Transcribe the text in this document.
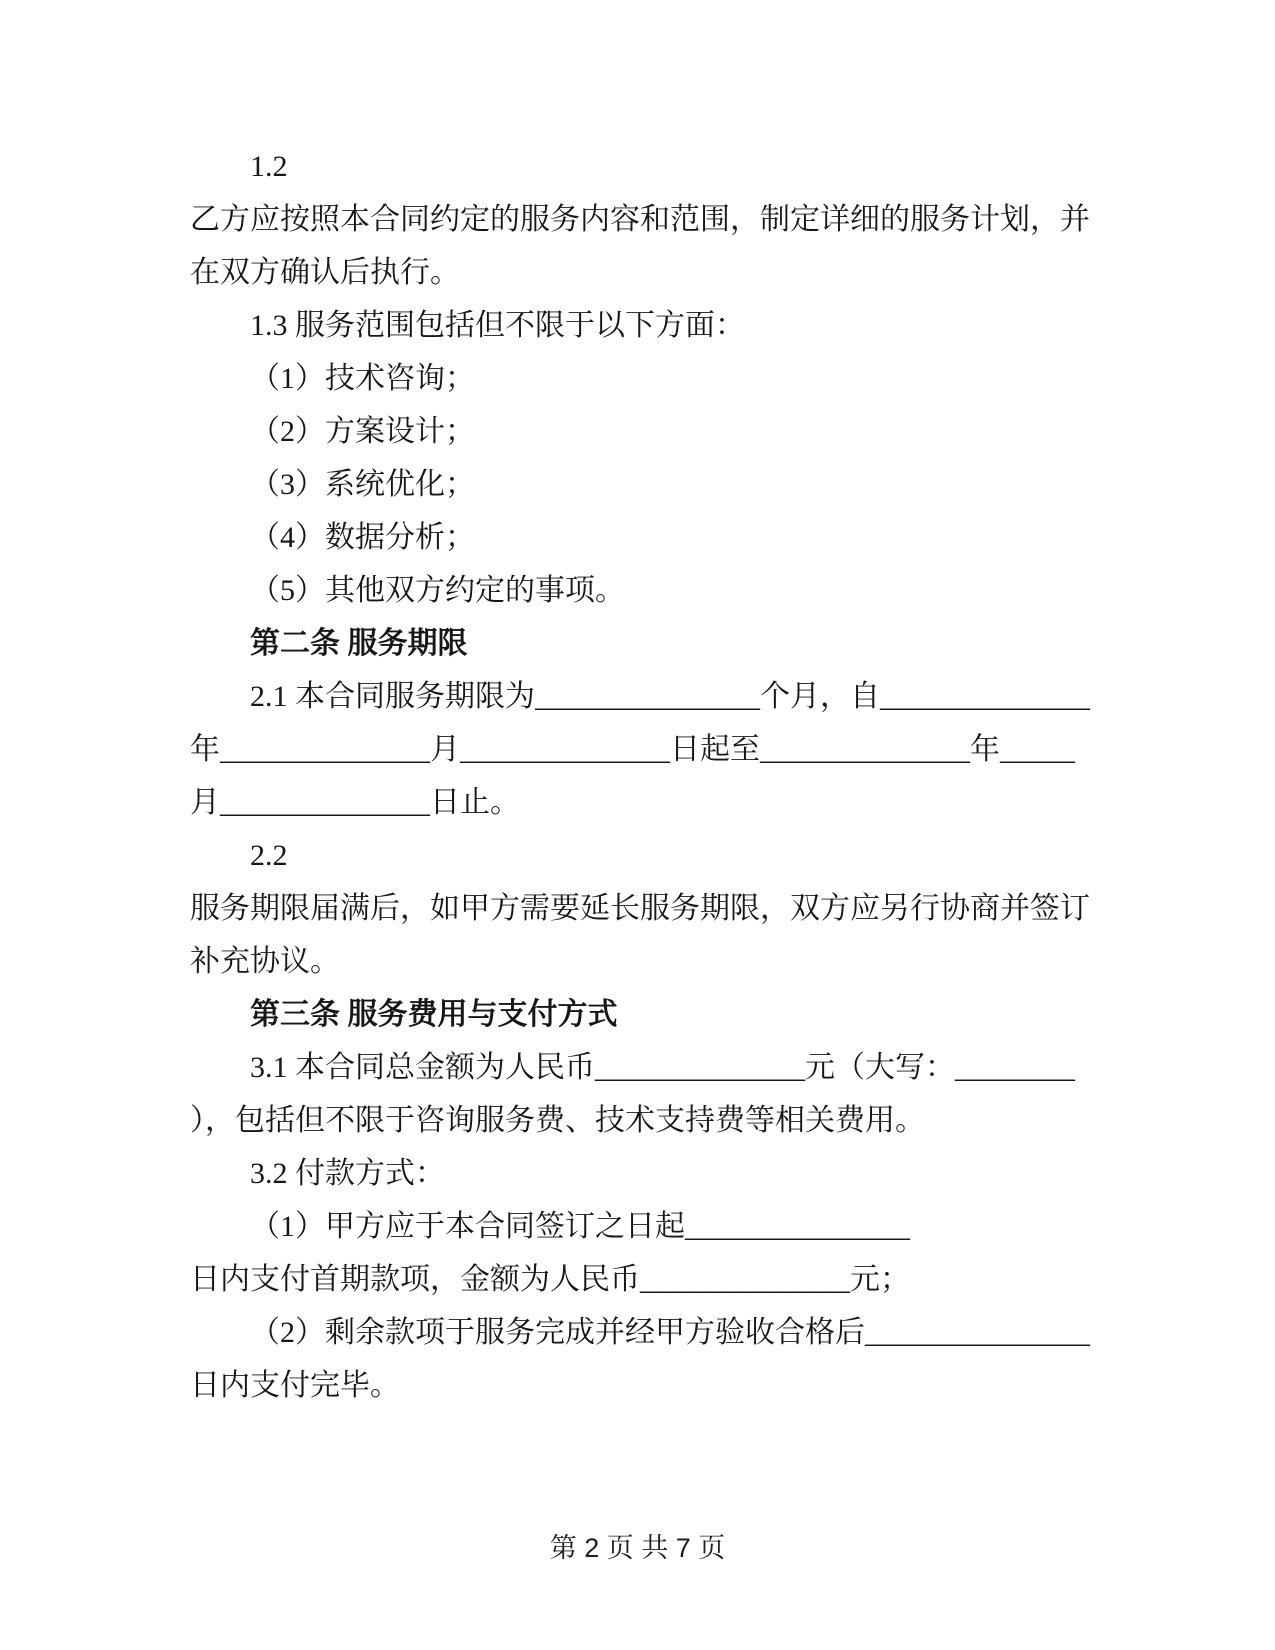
1.2

乙方应按照本合同约定的服务内容和范围，制定详细的服务计划，并

在双方确认后执行。

1.3 服务范围包括但不限于以下方面：

（1）技术咨询；

（2）方案设计；

（3）系统优化；

（4）数据分析；

（5）其他双方约定的事项。

第二条 服务期限

2.1 本合同服务期限为_______________个月，自______________

年______________月______________日起至______________年_____

月______________日止。

2.2

服务期限届满后，如甲方需要延长服务期限，双方应另行协商并签订

补充协议。

第三条 服务费用与支付方式

3.1 本合同总金额为人民币______________元（大写：________

），包括但不限于咨询服务费、技术支持费等相关费用。

3.2 付款方式：

（1）甲方应于本合同签订之日起_______________

日内支付首期款项，金额为人民币______________元；

（2）剩余款项于服务完成并经甲方验收合格后_______________

日内支付完毕。

第 2 页 共 7 页
